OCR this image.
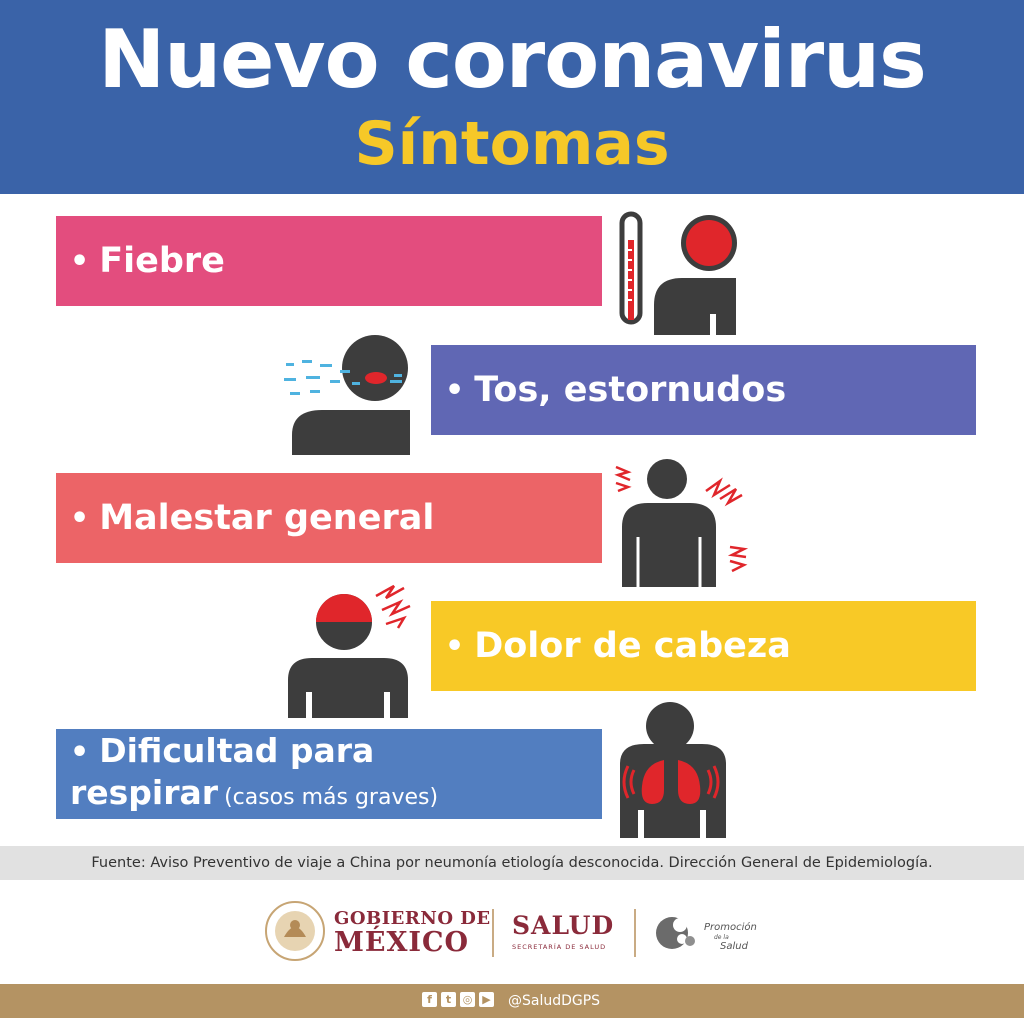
Nuevo coronavirus
Síntomas
• Fiebre
• Tos, estornudos
• Malestar general
• Dolor de cabeza
• Dificultad para
respirar (casos más graves)
Fuente: Aviso Preventivo de viaje a China por neumonía etiología desconocida. Dirección General de Epidemiología.
GOBIERNO DE
MÉXICO
SALUD
SECRETARÍA DE SALUD
Promoción
de la
Salud
f	t	◎ ▶ @SaludDGPS
